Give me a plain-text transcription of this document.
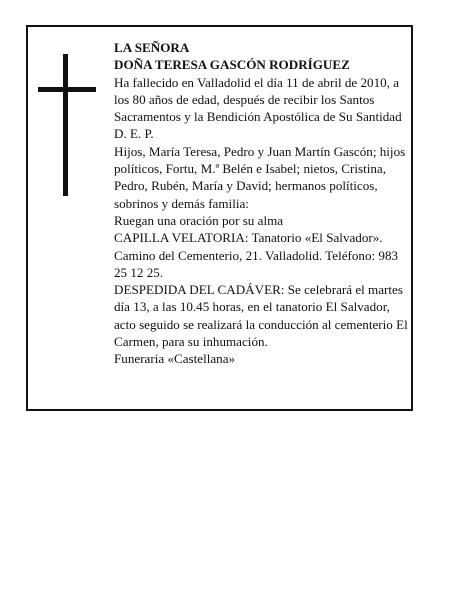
LA SEÑORA

DOÑA TERESA GASCÓN RODRÍGUEZ

Ha fallecido en Valladolid el día 11 de abril de 2010, a los 80 años de edad, después de recibir los Santos Sacramentos y la Bendición Apostólica de Su Santidad D. E. P.

Hijos, María Teresa, Pedro y Juan Martín Gascón; hijos políticos, Fortu, M.ª Belén e Isabel; nietos, Cristina, Pedro, Rubén, María y David; hermanos políticos, sobrinos y demás familia:

Ruegan una oración por su alma

CAPILLA VELATORIA: Tanatorio «El Salvador». Camino del Cementerio, 21. Valladolid. Teléfono: 983 25 12 25.

DESPEDIDA DEL CADÁVER: Se celebrará el martes día 13, a las 10.45 horas, en el tanatorio El Salvador, acto seguido se realizará la conducción al cementerio El Carmen, para su inhumación.

Funeraria «Castellana»
